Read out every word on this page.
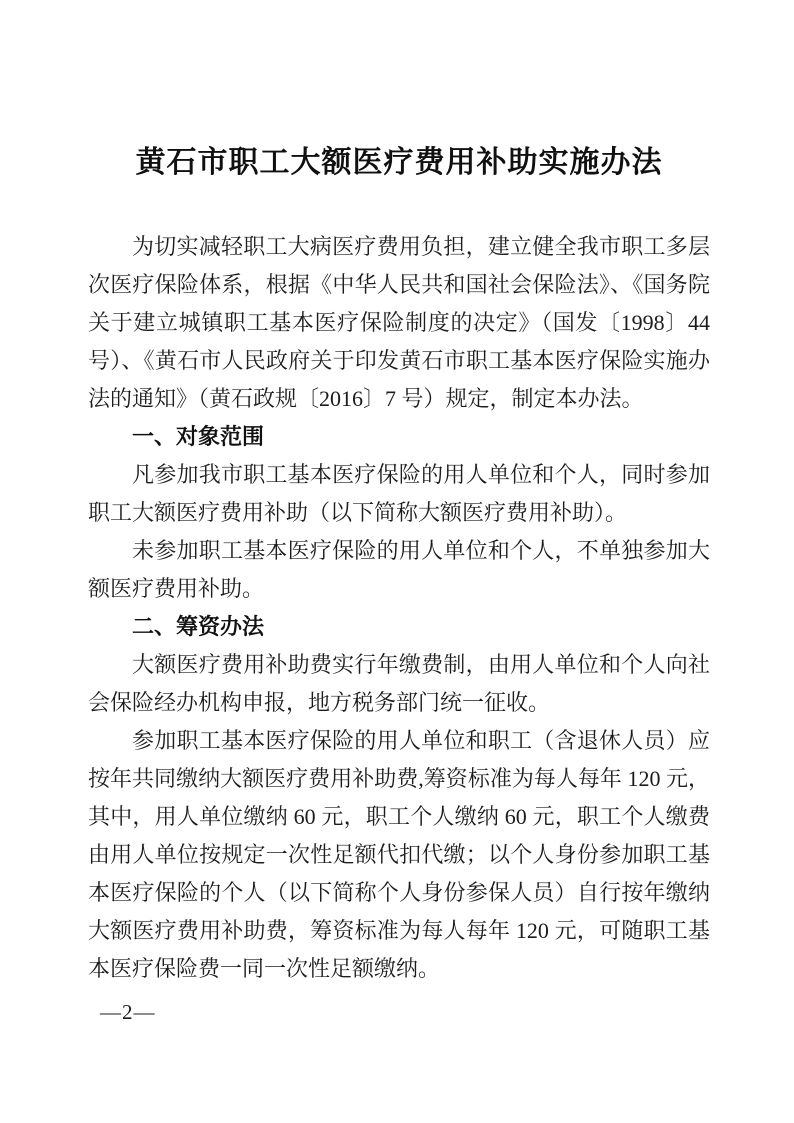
黄石市职工大额医疗费用补助实施办法

为切实减轻职工大病医疗费用负担，建立健全我市职工多层次医疗保险体系，根据《中华人民共和国社会保险法》、《国务院关于建立城镇职工基本医疗保险制度的决定》（国发〔1998〕44 号）、《黄石市人民政府关于印发黄石市职工基本医疗保险实施办法的通知》（黄石政规〔2016〕7 号）规定，制定本办法。

一、对象范围

凡参加我市职工基本医疗保险的用人单位和个人，同时参加职工大额医疗费用补助（以下简称大额医疗费用补助）。

未参加职工基本医疗保险的用人单位和个人，不单独参加大额医疗费用补助。

二、筹资办法

大额医疗费用补助费实行年缴费制，由用人单位和个人向社会保险经办机构申报，地方税务部门统一征收。

参加职工基本医疗保险的用人单位和职工（含退休人员）应按年共同缴纳大额医疗费用补助费,筹资标准为每人每年 120 元，其中，用人单位缴纳 60 元，职工个人缴纳 60 元，职工个人缴费由用人单位按规定一次性足额代扣代缴；以个人身份参加职工基本医疗保险的个人（以下简称个人身份参保人员）自行按年缴纳大额医疗费用补助费，筹资标准为每人每年 120 元，可随职工基本医疗保险费一同一次性足额缴纳。

—2—
